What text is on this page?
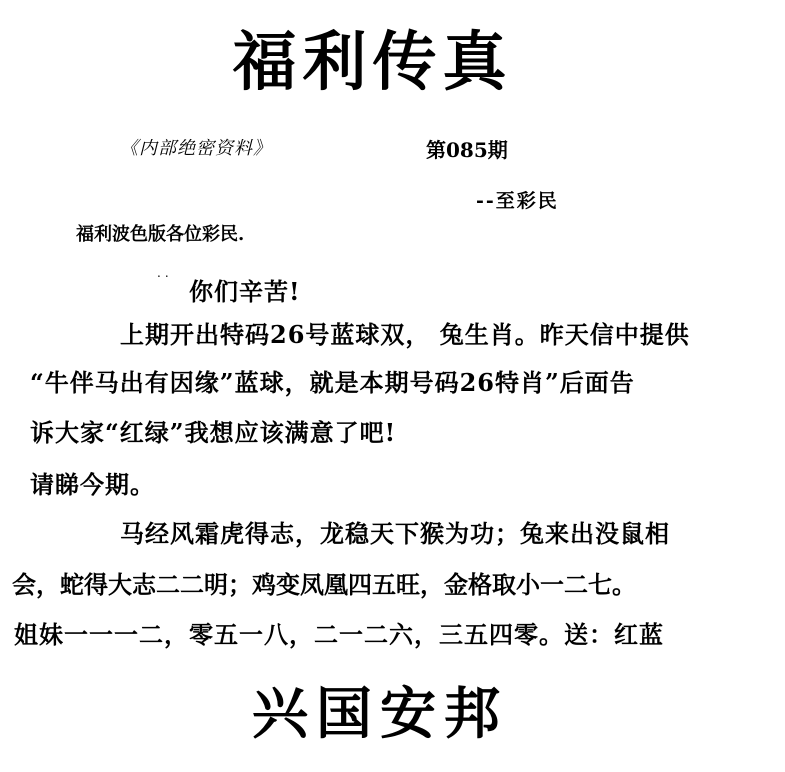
福利传真
《内部绝密资料》	第085期
--至彩民
福利波色版各位彩民.
..
你们辛苦!
上期开出特码26号蓝球双， 兔生肖。昨天信中提供
“牛伴马出有因缘”蓝球，就是本期号码26特肖”后面告
诉大家“红绿”我想应该满意了吧!
请睇今期。
马经风霜虎得志，龙稳天下猴为功；兔来出没鼠相
会，蛇得大志二二明；鸡变凤凰四五旺，金格取小一二七。
姐妹一一一二，零五一八，二一二六，三五四零。送：红蓝
兴国安邦
